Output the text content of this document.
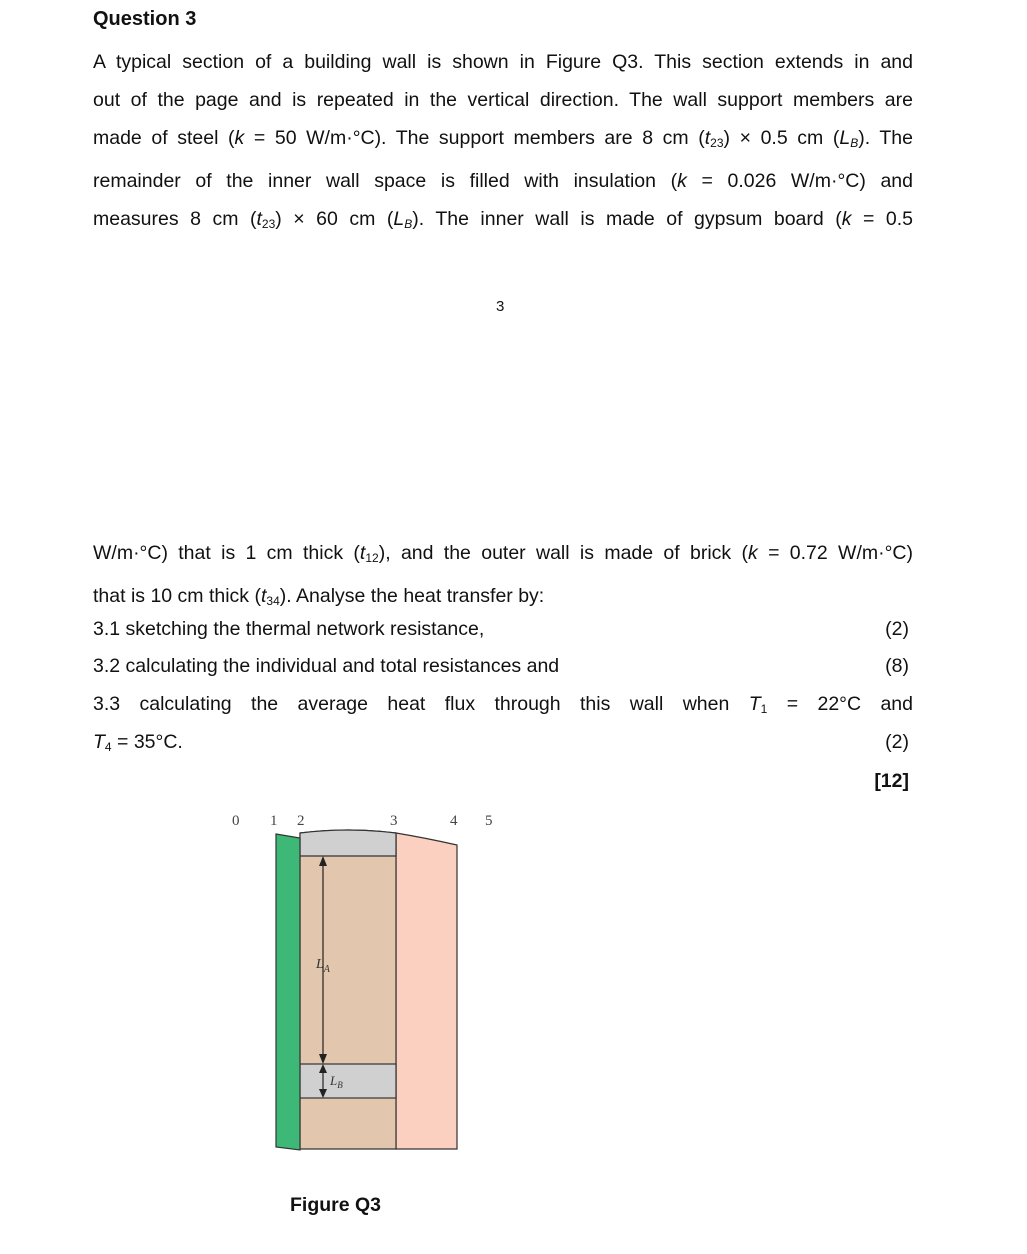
Question 3
A typical section of a building wall is shown in Figure Q3. This section extends in and
out of the page and is repeated in the vertical direction. The wall support members are
made of steel (k = 50 W/m·°C). The support members are 8 cm $(t_{23}) \times 0.5$ cm $(L_B)$. The
remainder of the inner wall space is filled with insulation (k = 0.026 W/m·°C) and
measures 8 cm $(t_{23}) \times 60$ cm $(L_B)$. The inner wall is made of gypsum board (k = 0.5
3
W/m·°C) that is 1 cm thick $(t_{12})$, and the outer wall is made of brick (k = 0.72 W/m·°C)
that is 10 cm thick $(t_{34})$. Analyse the heat transfer by:
3.1 sketching the thermal network resistance,	(2)
3.2 calculating the individual and total resistances and	(8)
3.3 calculating the average heat flux through this wall when $T_1 = 22^\circ C$ and
$T_4 = 35^\circ C$.	(2)
[12]
0 1 2	3	4 5
$L_A$
$L_B$
Figure Q3
